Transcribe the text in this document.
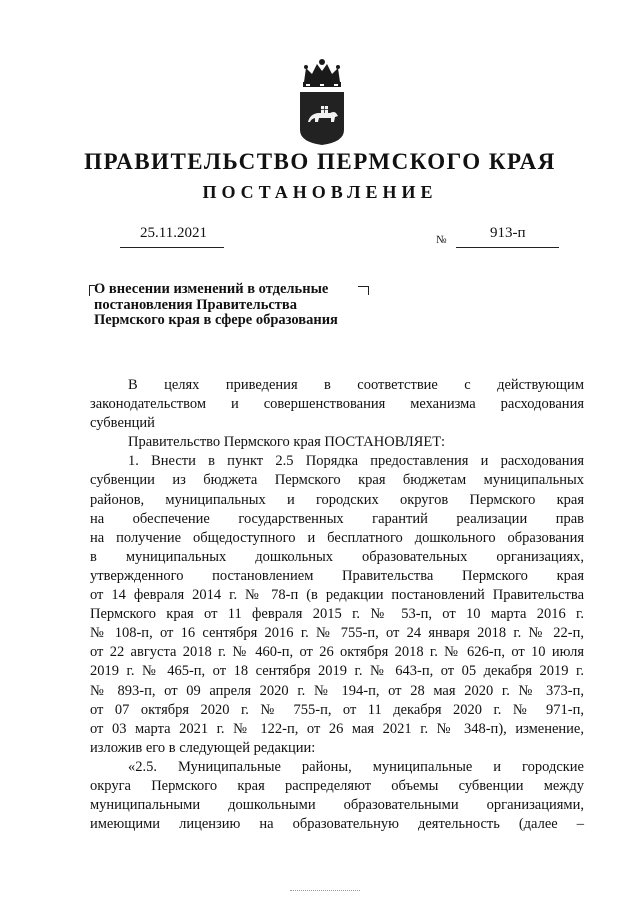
ПРАВИТЕЛЬСТВО ПЕРМСКОГО КРАЯ
ПОСТАНОВЛЕНИЕ
25.11.2021	№	913-п
О внесении изменений в отдельные
постановления Правительства
Пермского края в сфере образования
В целях приведения в соответствие с действующим
законодательством и совершенствования механизма расходования
субвенций
Правительство Пермского края ПОСТАНОВЛЯЕТ:
1. Внести в пункт 2.5 Порядка предоставления и расходования
субвенции из бюджета Пермского края бюджетам муниципальных
районов, муниципальных и городских округов Пермского края
на обеспечение государственных гарантий реализации прав
на получение общедоступного и бесплатного дошкольного образования
в муниципальных дошкольных образовательных организациях,
утвержденного постановлением Правительства Пермского края
от 14 февраля 2014 г. № 78-п (в редакции постановлений Правительства
Пермского края от 11 февраля 2015 г. № 53-п, от 10 марта 2016 г.
№ 108-п, от 16 сентября 2016 г. № 755-п, от 24 января 2018 г. № 22-п,
от 22 августа 2018 г. № 460-п, от 26 октября 2018 г. № 626-п, от 10 июля
2019 г. № 465-п, от 18 сентября 2019 г. № 643-п, от 05 декабря 2019 г.
№ 893-п, от 09 апреля 2020 г. № 194-п, от 28 мая 2020 г. № 373-п,
от 07 октября 2020 г. № 755-п, от 11 декабря 2020 г. № 971-п,
от 03 марта 2021 г. № 122-п, от 26 мая 2021 г. № 348-п), изменение,
изложив его в следующей редакции:
«2.5. Муниципальные районы, муниципальные и городские
округа Пермского края распределяют объемы субвенции между
муниципальными дошкольными образовательными организациями,
имеющими лицензию на образовательную деятельность (далее –
